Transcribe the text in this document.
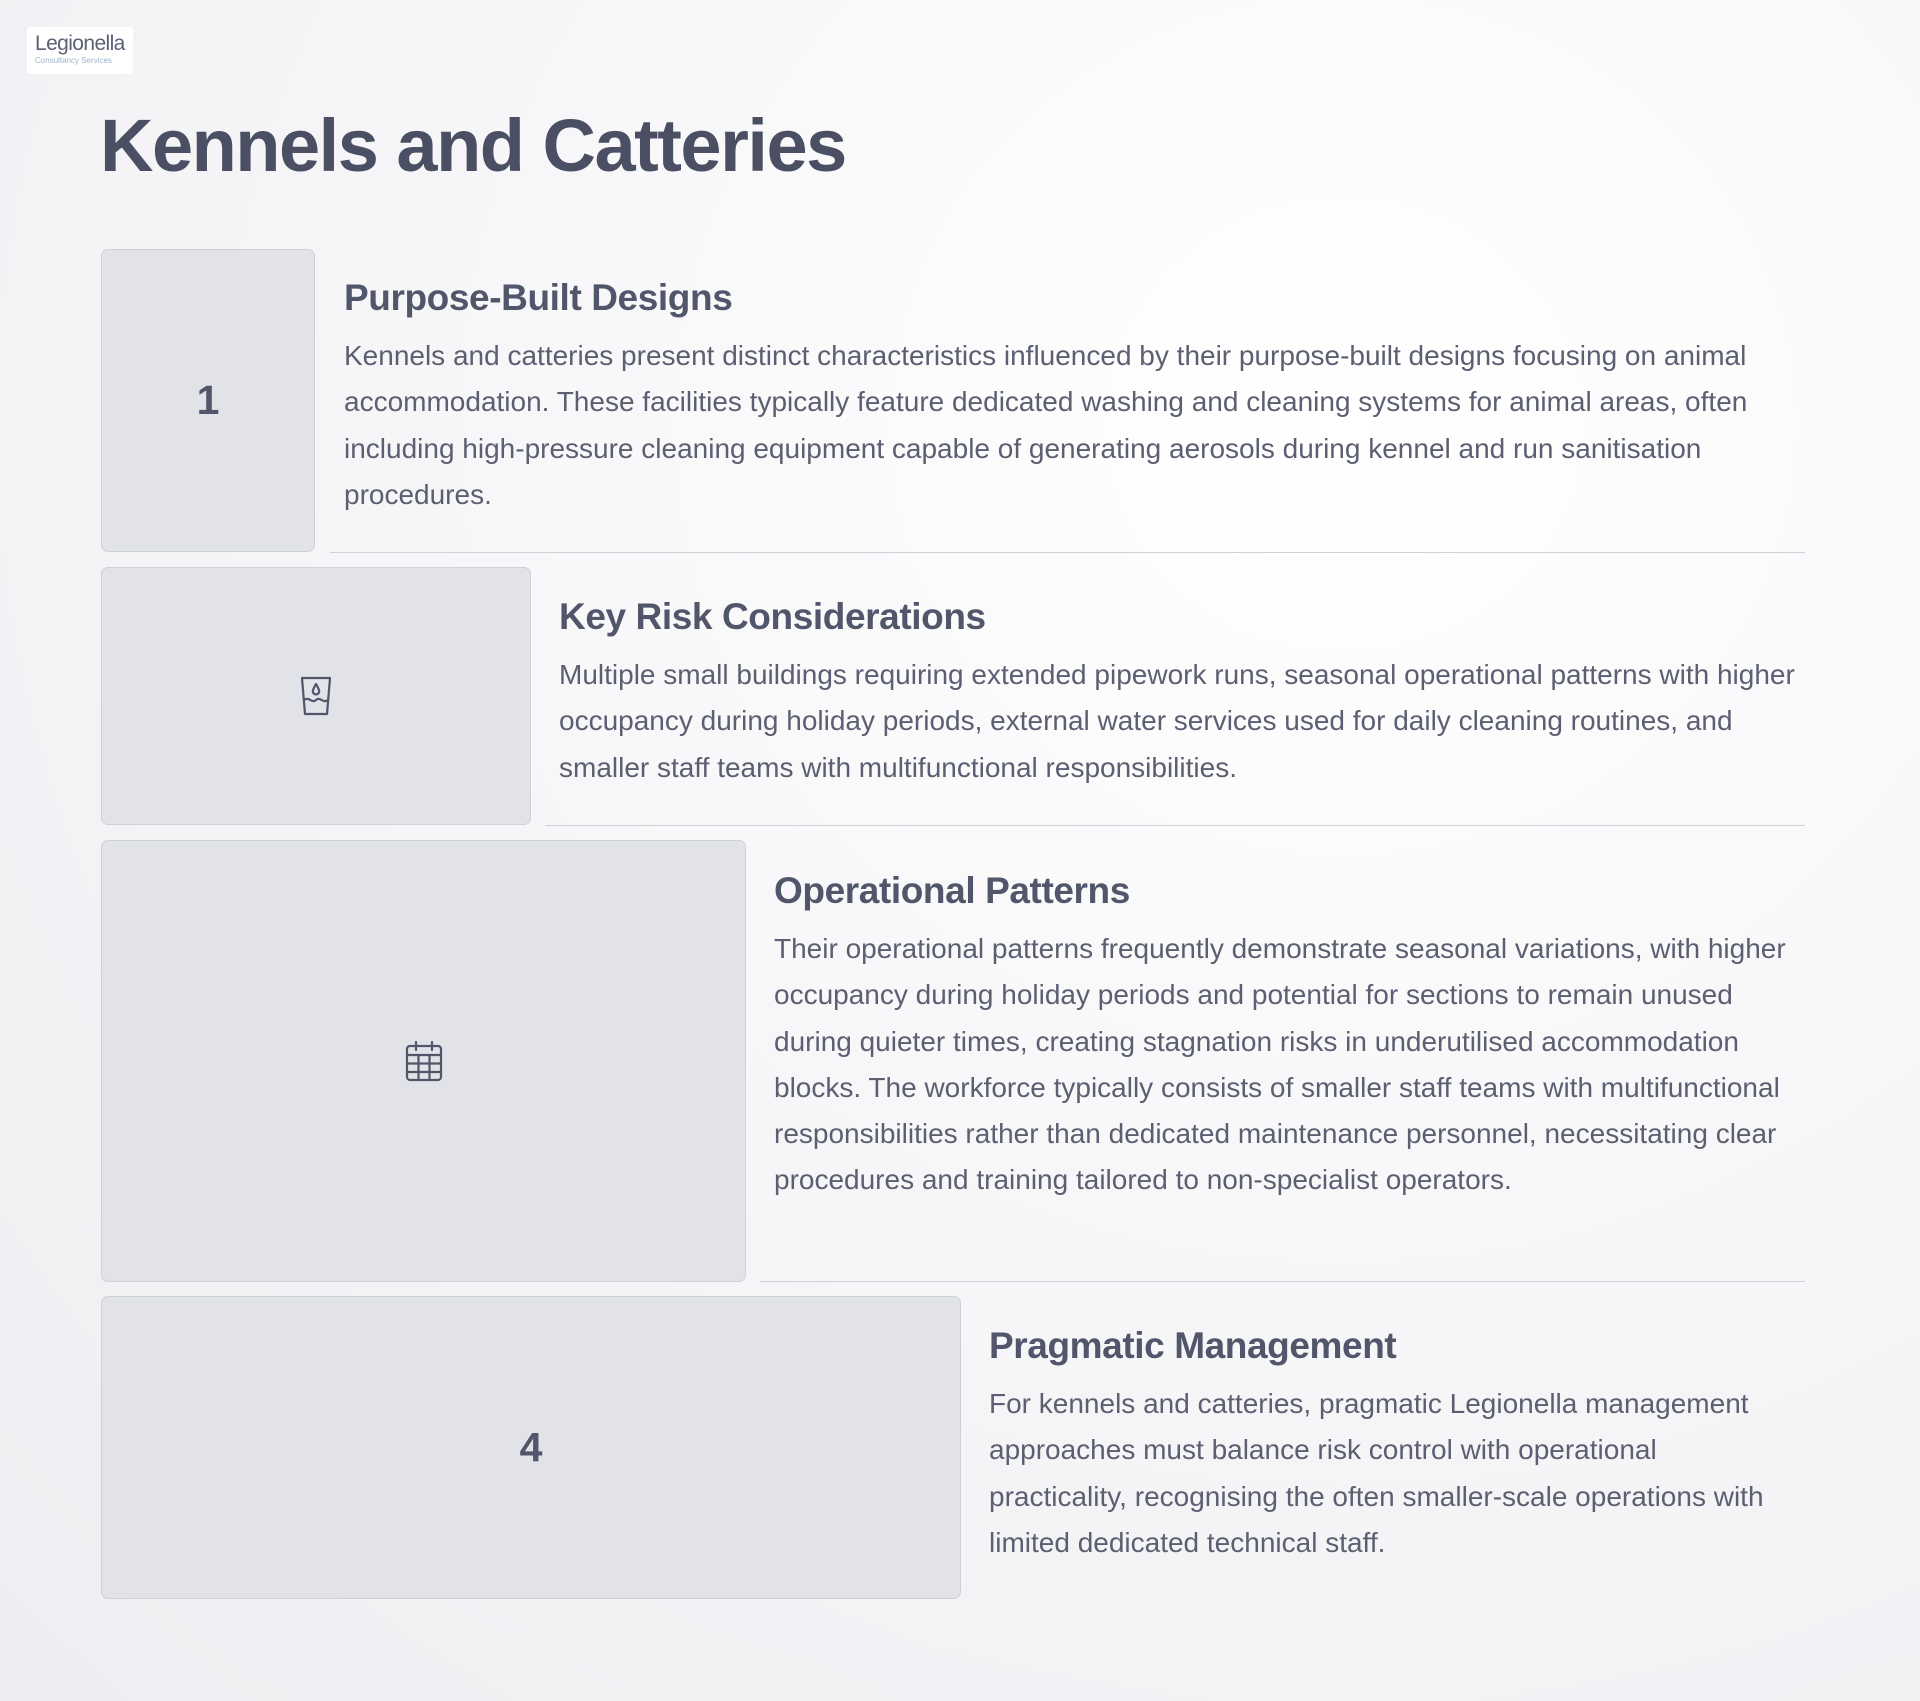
Legionella
Consultancy Services
Kennels and Catteries
1
Purpose-Built Designs

Kennels and catteries present distinct characteristics influenced by their purpose-built designs focusing on animal accommodation. These facilities typically feature dedicated washing and cleaning systems for animal areas, often including high-pressure cleaning equipment capable of generating aerosols during kennel and run sanitisation procedures.

Key Risk Considerations

Multiple small buildings requiring extended pipework runs, seasonal operational patterns with higher occupancy during holiday periods, external water services used for daily cleaning routines, and smaller staff teams with multifunctional responsibilities.

Operational Patterns

Their operational patterns frequently demonstrate seasonal variations, with higher occupancy during holiday periods and potential for sections to remain unused during quieter times, creating stagnation risks in underutilised accommodation blocks. The workforce typically consists of smaller staff teams with multifunctional responsibilities rather than dedicated maintenance personnel, necessitating clear procedures and training tailored to non-specialist operators.

4
Pragmatic Management

For kennels and catteries, pragmatic Legionella management approaches must balance risk control with operational practicality, recognising the often smaller-scale operations with limited dedicated technical staff.
